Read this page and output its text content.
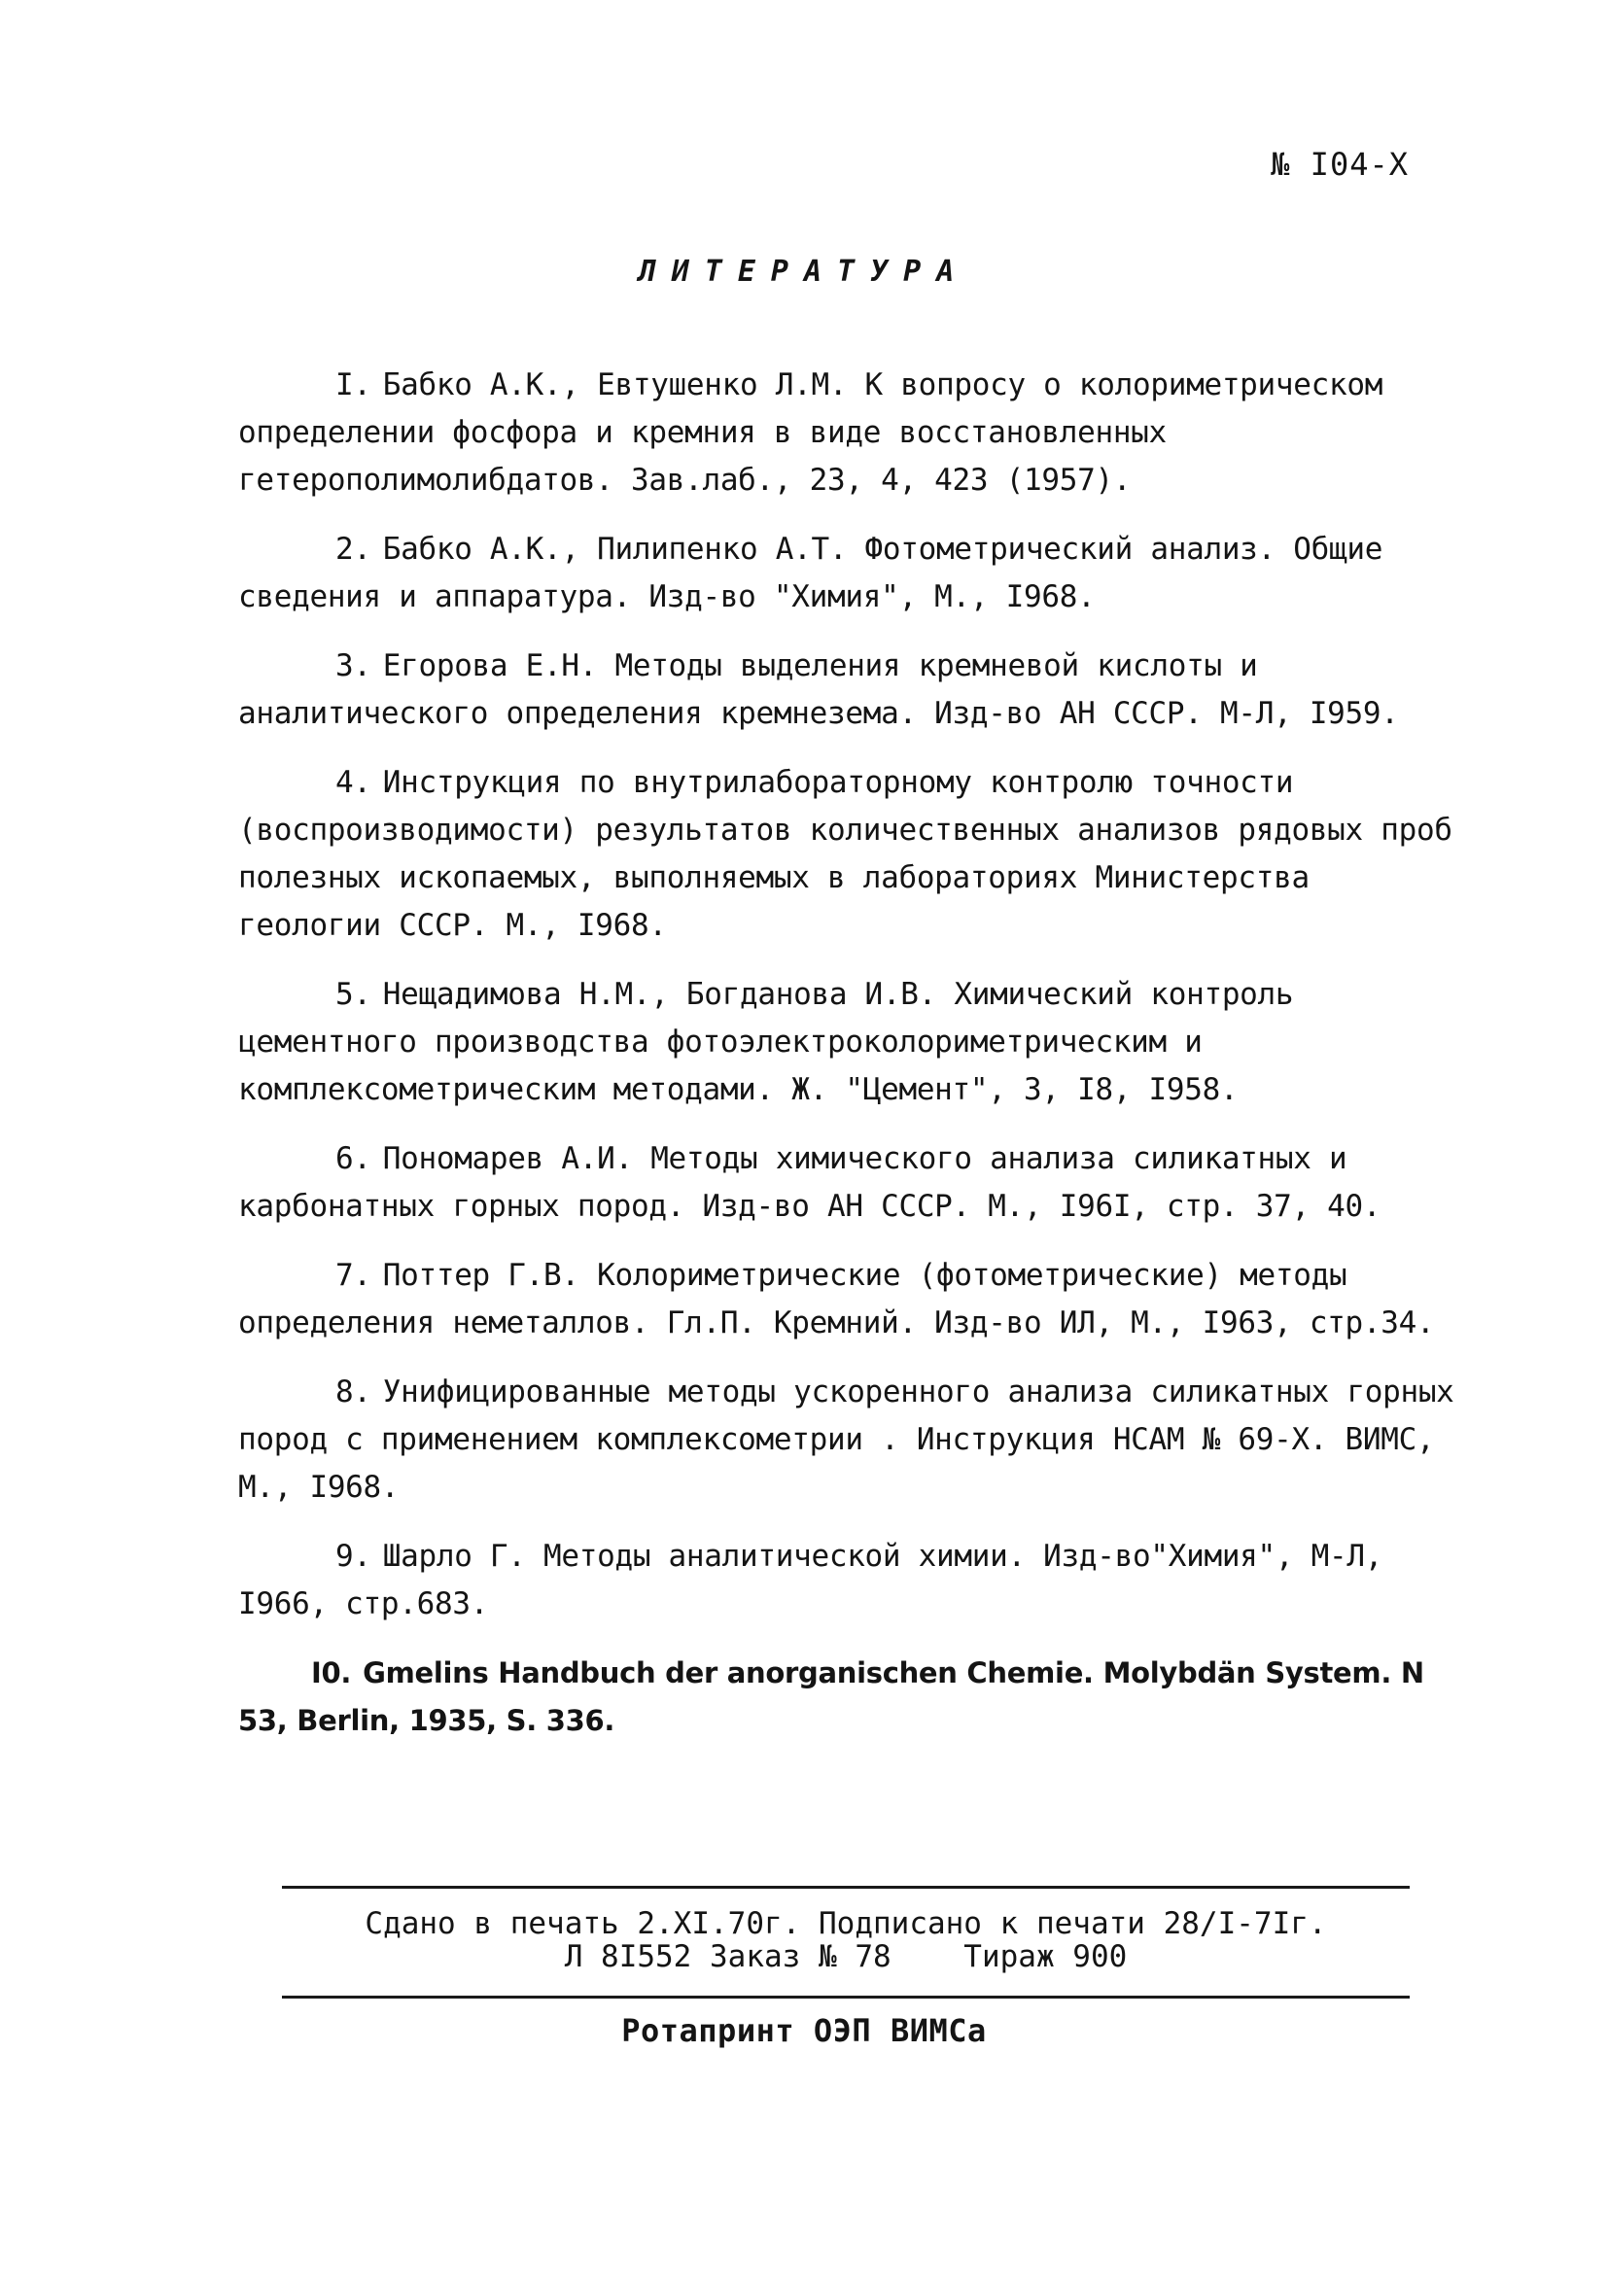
№ I04-X
ЛИТЕРАТУРА
I. Бабко А.К., Евтушенко Л.М. К вопросу о колориметрическом определении фосфора и кремния в виде восстановленных гетерополимолибдатов. Зав.лаб., 23, 4, 423 (1957).
2. Бабко А.К., Пилипенко А.Т. Фотометрический анализ. Общие сведения и аппаратура. Изд-во "Химия", М., I968.
3. Егорова Е.Н. Методы выделения кремневой кислоты и аналитического определения кремнезема. Изд-во АН СССР. М-Л, I959.
4. Инструкция по внутрилабораторному контролю точности (воспроизводимости) результатов количественных анализов рядовых проб полезных ископаемых, выполняемых в лабораториях Министерства геологии СССР. М., I968.
5. Нещадимова Н.М., Богданова И.В. Химический контроль цементного производства фотоэлектроколориметрическим и комплексометрическим методами. Ж. "Цемент", 3, I8, I958.
6. Пономарев А.И. Методы химического анализа силикатных и карбонатных горных пород. Изд-во АН СССР. М., I96I, стр. 37, 40.
7. Поттер Г.В. Колориметрические (фотометрические) методы определения неметаллов. Гл.П. Кремний. Изд-во ИЛ, М., I963, стр.34.
8. Унифицированные методы ускоренного анализа силикатных горных пород с применением комплексометрии . Инструкция НСАМ № 69-Х. ВИМС, М., I968.
9. Шарло Г. Методы аналитической химии. Изд-во"Химия", М-Л, I966, стр.683.
I0. Gmelins Handbuch der anorganischen Chemie. Molybdän System. N 53, Berlin, 1935, S. 336.
Сдано в печать 2.XI.70г. Подписано к печати 28/I-7Iг.
Л 8I552 Заказ № 78    Тираж 900
Ротапринт ОЭП ВИМСа
